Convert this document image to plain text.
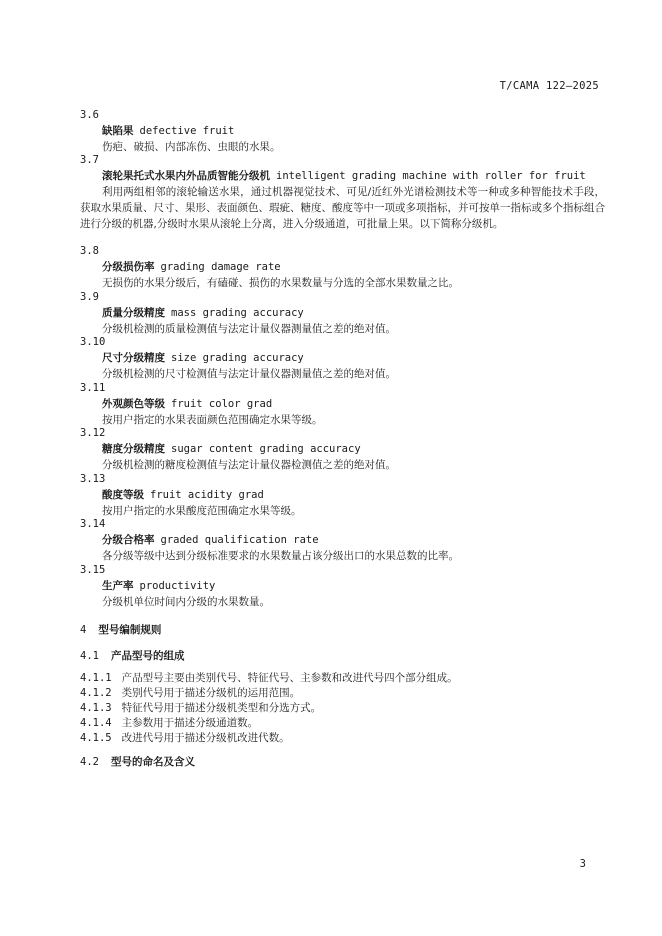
T/CAMA 122—2025
3.6
缺陷果 defective fruit
伤疤、破损、内部冻伤、虫眼的水果。
3.7
滚轮果托式水果内外品质智能分级机 intelligent grading machine with roller for fruit
利用两组相邻的滚轮输送水果，通过机器视觉技术、可见/近红外光谱检测技术等一种或多种智能技术手段，获取水果质量、尺寸、果形、表面颜色、瑕疵、糖度、酸度等中一项或多项指标，并可按单一指标或多个指标组合进行分级的机器,分级时水果从滚轮上分离，进入分级通道，可批量上果。以下简称分级机。
3.8
分级损伤率 grading damage rate
无损伤的水果分级后，有磕碰、损伤的水果数量与分选的全部水果数量之比。
3.9
质量分级精度 mass grading accuracy
分级机检测的质量检测值与法定计量仪器测量值之差的绝对值。
3.10
尺寸分级精度 size grading accuracy
分级机检测的尺寸检测值与法定计量仪器测量值之差的绝对值。
3.11
外观颜色等级 fruit color grad
按用户指定的水果表面颜色范围确定水果等级。
3.12
糖度分级精度 sugar content grading accuracy
分级机检测的糖度检测值与法定计量仪器检测值之差的绝对值。
3.13
酸度等级 fruit acidity grad
按用户指定的水果酸度范围确定水果等级。
3.14
分级合格率 graded qualification rate
各分级等级中达到分级标准要求的水果数量占该分级出口的水果总数的比率。
3.15
生产率 productivity
分级机单位时间内分级的水果数量。
4 型号编制规则
4.1 产品型号的组成
4.1.1 产品型号主要由类别代号、特征代号、主参数和改进代号四个部分组成。
4.1.2 类别代号用于描述分级机的运用范围。
4.1.3 特征代号用于描述分级机类型和分选方式。
4.1.4 主参数用于描述分级通道数。
4.1.5 改进代号用于描述分级机改进代数。
4.2 型号的命名及含义
3
